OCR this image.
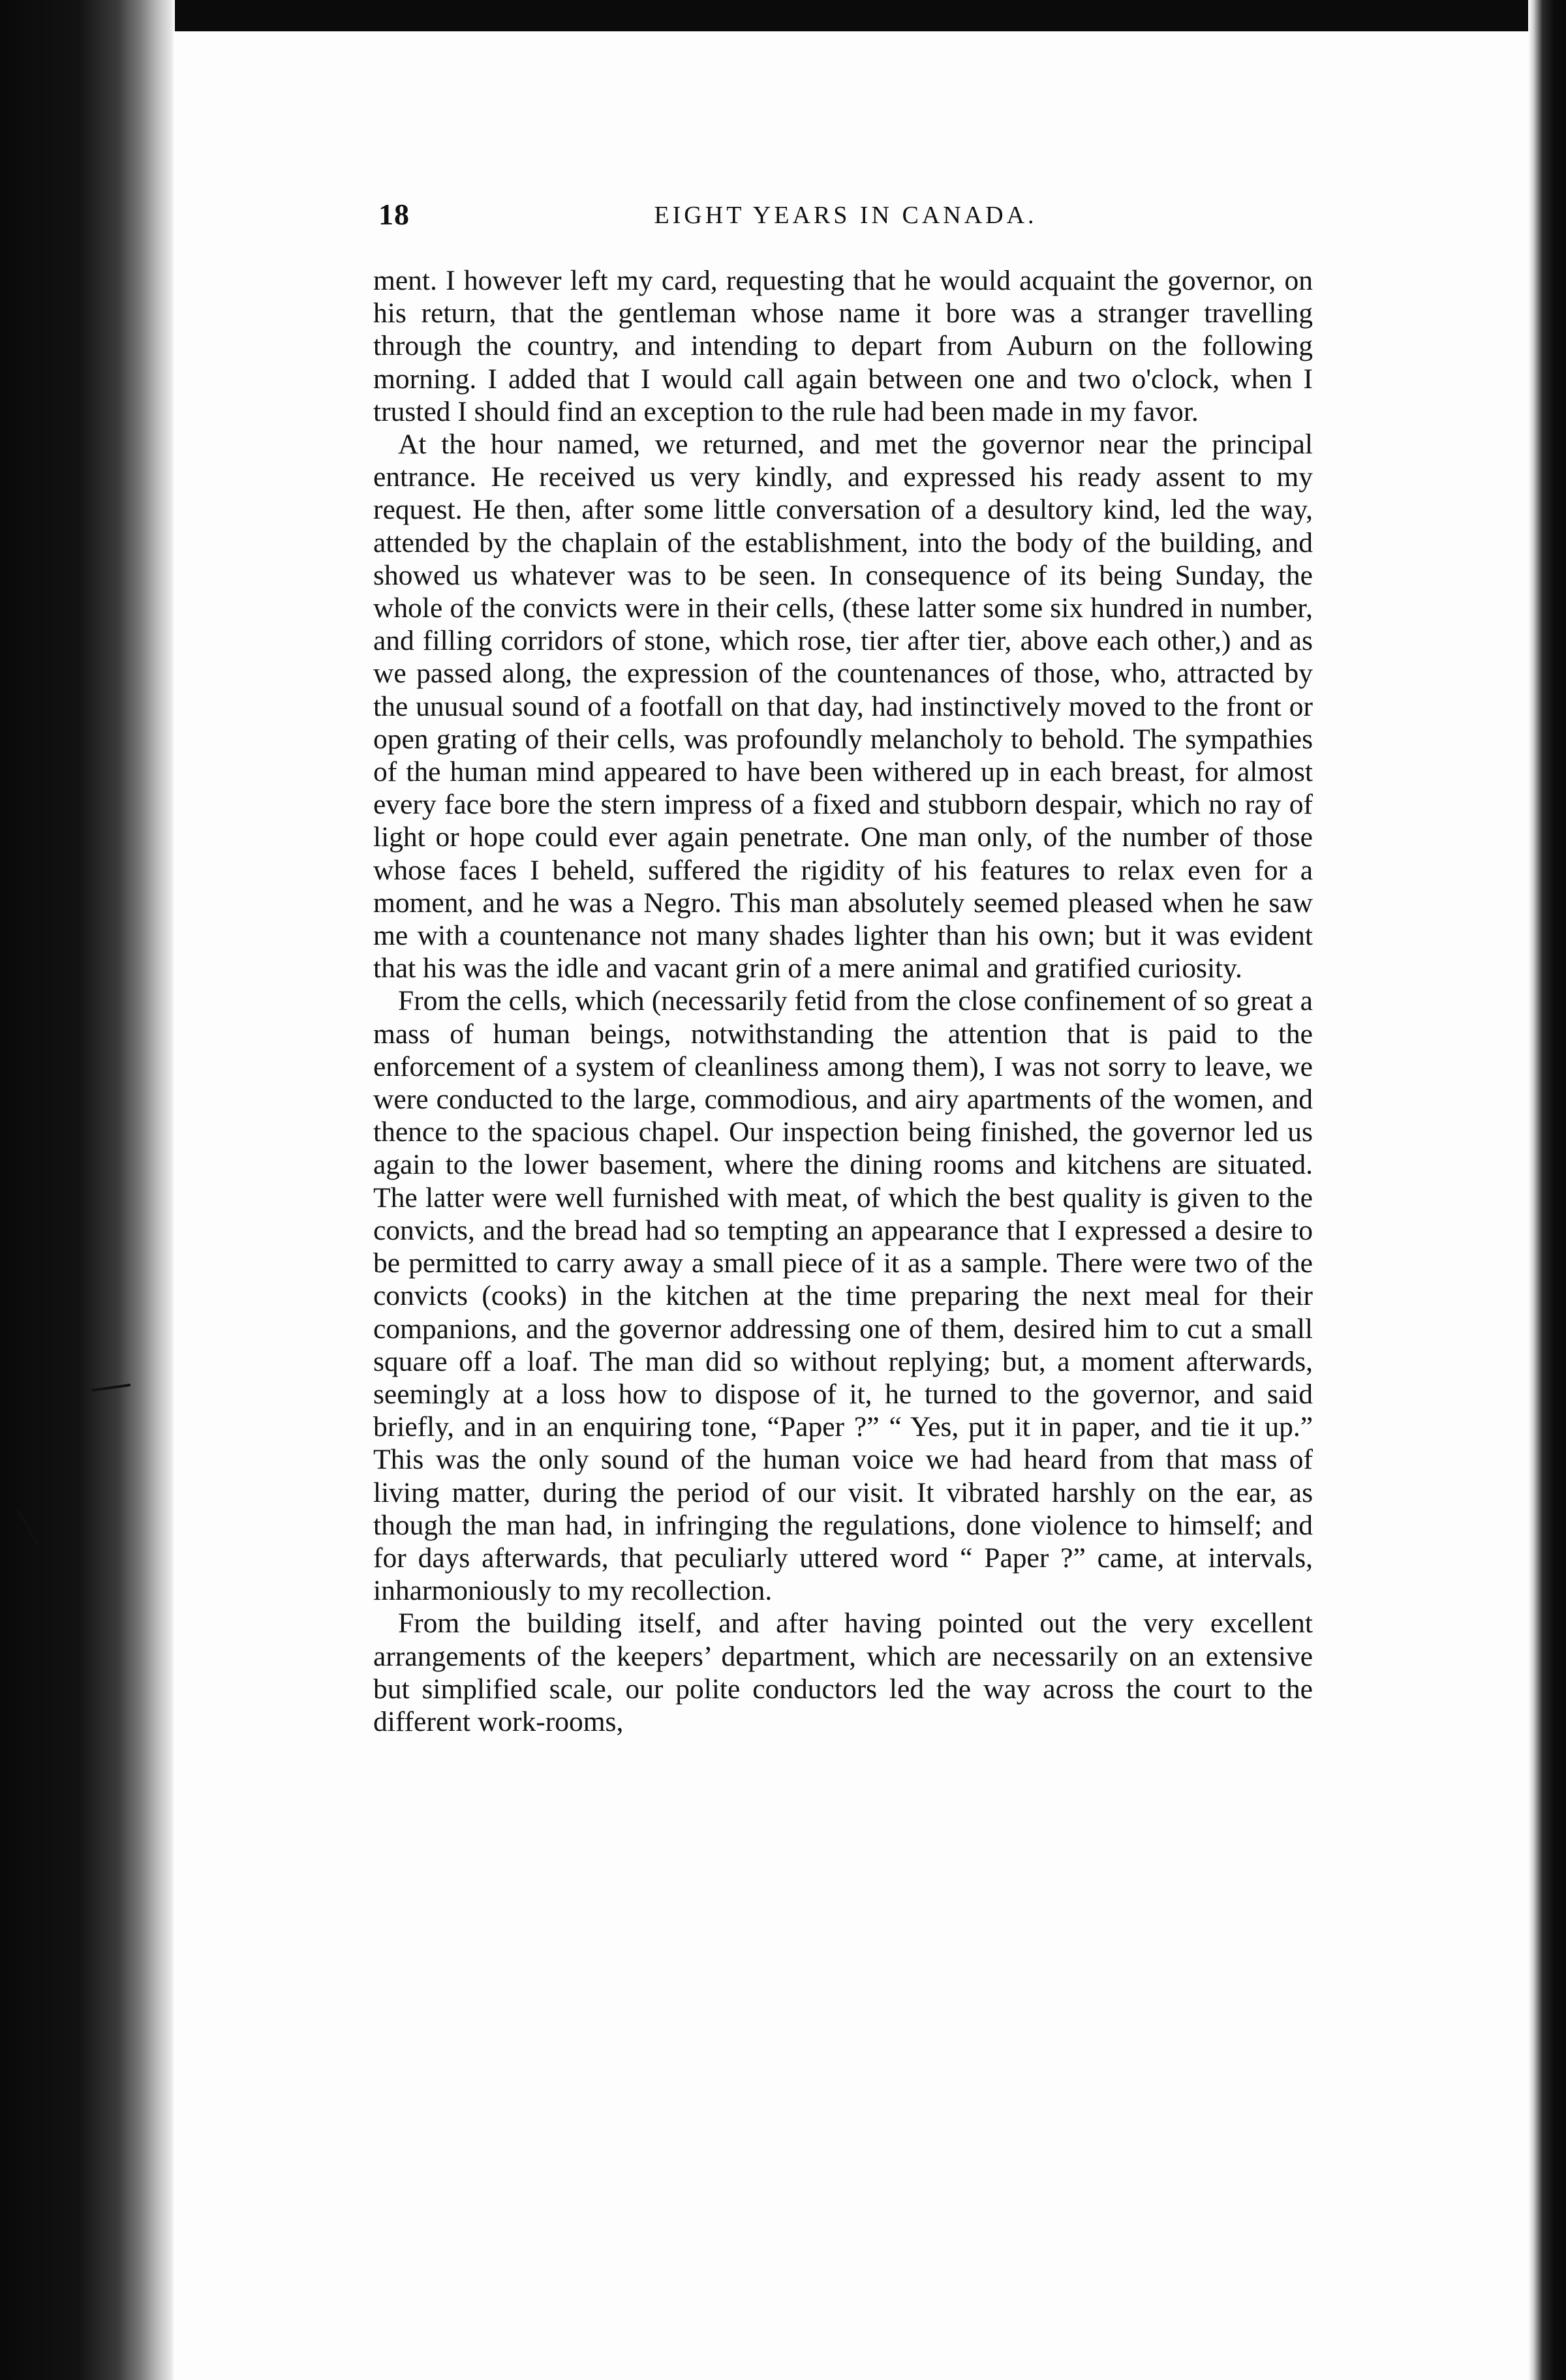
18	EIGHT YEARS IN CANADA.

ment. I however left my card, requesting that he would acquaint the governor, on his return, that the gentleman whose name it bore was a stranger travelling through the country, and intending to depart from Auburn on the following morning. I added that I would call again between one and two o'clock, when I trusted I should find an exception to the rule had been made in my favor.

At the hour named, we returned, and met the governor near the principal entrance. He received us very kindly, and expressed his ready assent to my request. He then, after some little conversation of a desultory kind, led the way, attended by the chaplain of the establishment, into the body of the building, and showed us whatever was to be seen. In consequence of its being Sunday, the whole of the convicts were in their cells, (these latter some six hundred in number, and filling corridors of stone, which rose, tier after tier, above each other,) and as we passed along, the expression of the countenances of those, who, attracted by the unusual sound of a footfall on that day, had instinctively moved to the front or open grating of their cells, was profoundly melancholy to behold. The sympathies of the human mind appeared to have been withered up in each breast, for almost every face bore the stern impress of a fixed and stubborn despair, which no ray of light or hope could ever again penetrate. One man only, of the number of those whose faces I beheld, suffered the rigidity of his features to relax even for a moment, and he was a Negro. This man absolutely seemed pleased when he saw me with a countenance not many shades lighter than his own; but it was evident that his was the idle and vacant grin of a mere animal and gratified curiosity.

From the cells, which (necessarily fetid from the close confinement of so great a mass of human beings, notwithstanding the attention that is paid to the enforcement of a system of cleanliness among them), I was not sorry to leave, we were conducted to the large, commodious, and airy apartments of the women, and thence to the spacious chapel. Our inspection being finished, the governor led us again to the lower basement, where the dining rooms and kitchens are situated. The latter were well furnished with meat, of which the best quality is given to the convicts, and the bread had so tempting an appearance that I expressed a desire to be permitted to carry away a small piece of it as a sample. There were two of the convicts (cooks) in the kitchen at the time preparing the next meal for their companions, and the governor addressing one of them, desired him to cut a small square off a loaf. The man did so without replying; but, a moment afterwards, seemingly at a loss how to dispose of it, he turned to the governor, and said briefly, and in an enquiring tone, “Paper ?” “ Yes, put it in paper, and tie it up.” This was the only sound of the human voice we had heard from that mass of living matter, during the period of our visit. It vibrated harshly on the ear, as though the man had, in infringing the regulations, done violence to himself; and for days afterwards, that peculiarly uttered word “ Paper ?” came, at intervals, inharmoniously to my recollection.

From the building itself, and after having pointed out the very excellent arrangements of the keepers’ department, which are necessarily on an extensive but simplified scale, our polite conductors led the way across the court to the different work-rooms,
